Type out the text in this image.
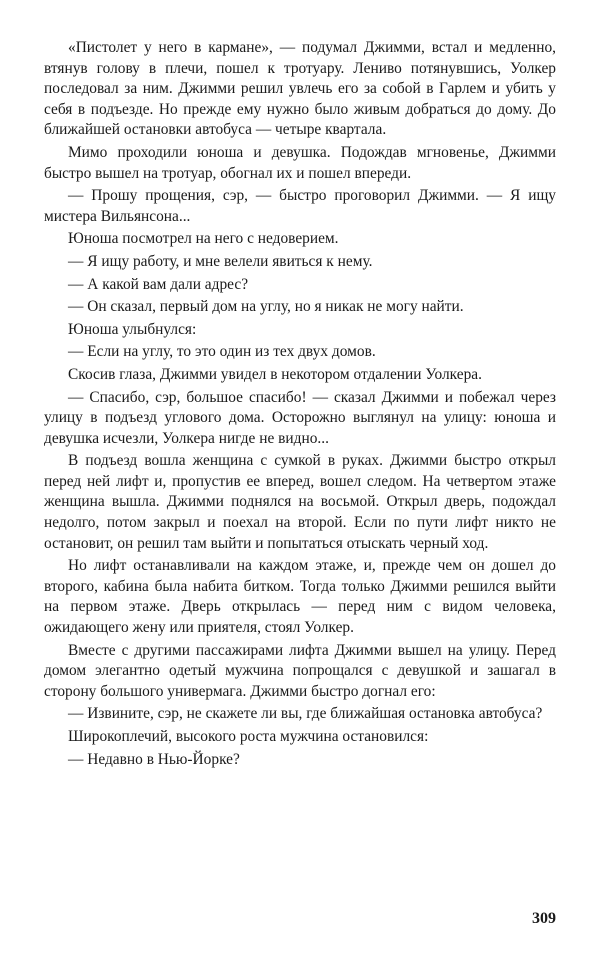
«Пистолет у него в кармане», — подумал Джимми, встал и медленно, втянув голову в плечи, пошел к тротуару. Лениво потянувшись, Уолкер последовал за ним. Джимми решил увлечь его за собой в Гарлем и убить у себя в подъезде. Но прежде ему нужно было живым добраться до дому. До ближайшей остановки автобуса — четыре квартала.

Мимо проходили юноша и девушка. Подождав мгновенье, Джимми быстро вышел на тротуар, обогнал их и пошел впереди.

— Прошу прощения, сэр, — быстро проговорил Джимми. — Я ищу мистера Вильянсона...

Юноша посмотрел на него с недоверием.

— Я ищу работу, и мне велели явиться к нему.

— А какой вам дали адрес?

— Он сказал, первый дом на углу, но я никак не могу найти.

Юноша улыбнулся:

— Если на углу, то это один из тех двух домов.

Скосив глаза, Джимми увидел в некотором отдалении Уолкера.

— Спасибо, сэр, большое спасибо! — сказал Джимми и побежал через улицу в подъезд углового дома. Осторожно выглянул на улицу: юноша и девушка исчезли, Уолкера нигде не видно...

В подъезд вошла женщина с сумкой в руках. Джимми быстро открыл перед ней лифт и, пропустив ее вперед, вошел следом. На четвертом этаже женщина вышла. Джимми поднялся на восьмой. Открыл дверь, подождал недолго, потом закрыл и поехал на второй. Если по пути лифт никто не остановит, он решил там выйти и попытаться отыскать черный ход.

Но лифт останавливали на каждом этаже, и, прежде чем он дошел до второго, кабина была набита битком. Тогда только Джимми решился выйти на первом этаже. Дверь открылась — перед ним с видом человека, ожидающего жену или приятеля, стоял Уолкер.

Вместе с другими пассажирами лифта Джимми вышел на улицу. Перед домом элегантно одетый мужчина попрощался с девушкой и зашагал в сторону большого универмага. Джимми быстро догнал его:

— Извините, сэр, не скажете ли вы, где ближайшая остановка автобуса?

Широкоплечий, высокого роста мужчина остановился:

— Недавно в Нью-Йорке?

309
